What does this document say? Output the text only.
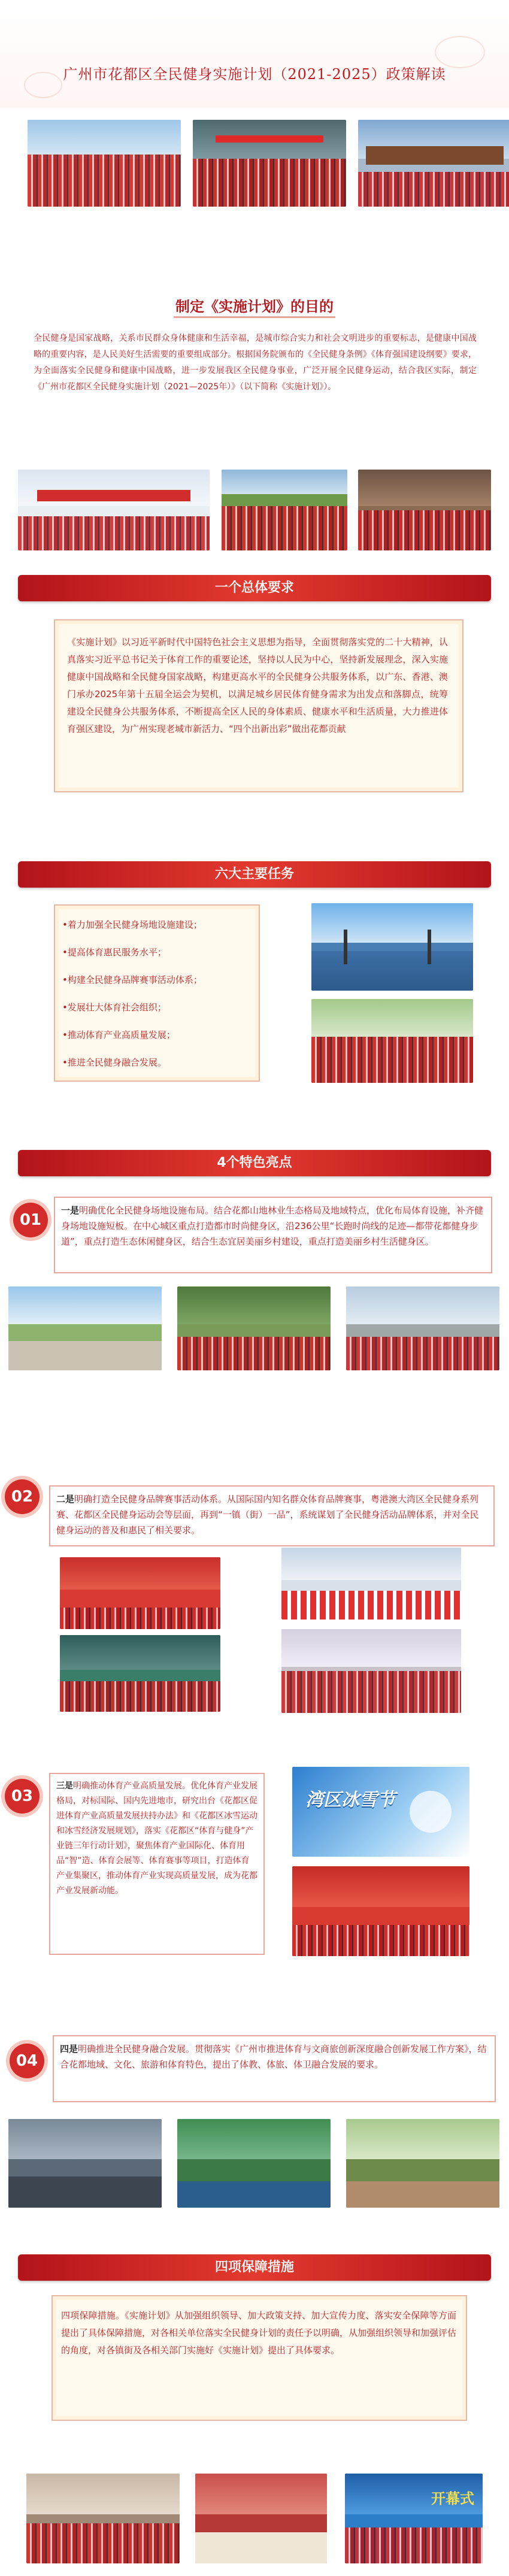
广州市花都区全民健身实施计划（2021-2025）政策解读
制定《实施计划》的目的
全民健身是国家战略，关系市民群众身体健康和生活幸福，是城市综合实力和社会文明进步的重要标志，是健康中国战略的重要内容，是人民美好生活需要的重要组成部分。根据国务院颁布的《全民健身条例》《体育强国建设纲要》要求，为全面落实全民健身和健康中国战略，进一步发展我区全民健身事业，广泛开展全民健身运动，结合我区实际，制定《广州市花都区全民健身实施计划（2021—2025年）》（以下简称《实施计划》）。
一个总体要求
《实施计划》以习近平新时代中国特色社会主义思想为指导，全面贯彻落实党的二十大精神，认真落实习近平总书记关于体育工作的重要论述，坚持以人民为中心，坚持新发展理念，深入实施健康中国战略和全民健身国家战略，构建更高水平的全民健身公共服务体系，以广东、香港、澳门承办2025年第十五届全运会为契机，以满足城乡居民体育健身需求为出发点和落脚点，统筹建设全民健身公共服务体系，不断提高全区人民的身体素质、健康水平和生活质量，大力推进体育强区建设，为广州实现老城市新活力、“四个出新出彩”做出花都贡献
六大主要任务
•着力加强全民健身场地设施建设；
•提高体育惠民服务水平；
•构建全民健身品牌赛事活动体系；
•发展壮大体育社会组织；
•推动体育产业高质量发展；
•推进全民健身融合发展。
4个特色亮点
01
一是明确优化全民健身场地设施布局。结合花都山地林业生态格局及地域特点，优化布局体育设施，补齐健身场地设施短板。在中心城区重点打造都市时尚健身区，沿236公里“长跑时尚线的足迹—都带花都健身步道”，重点打造生态休闲健身区，结合生态宜居美丽乡村建设，重点打造美丽乡村生活健身区。
02	二是明确打造全民健身品牌赛事活动体系。从国际国内知名群众体育品牌赛事，粤港澳大湾区全民健身系列赛、花都区全民健身运动会等层面，再到“一镇（街）一品”，系统谋划了全民健身活动品牌体系，并对全民健身运动的普及和惠民了相关要求。
03
三是明确推动体育产业高质量发展。优化体育产业发展格局，对标国际、国内先进地市，研究出台《花都区促进体育产业高质量发展扶持办法》和《花都区冰雪运动和冰雪经济发展规划》，落实《花都区“体育与健身”产业链三年行动计划》，聚焦体育产业国际化、体育用品“智”造、体育会展等、体育赛事等项目，打造体育产业集聚区，推动体育产业实现高质量发展，成为花都产业发展新动能。
湾区冰雪节
04
四是明确推进全民健身融合发展。贯彻落实《广州市推进体育与文商旅创新深度融合创新发展工作方案》，结合花都地域、文化、旅游和体育特色，提出了体教、体旅、体卫融合发展的要求。
四项保障措施
四项保障措施。《实施计划》从加强组织领导、加大政策支持、加大宣传力度、落实安全保障等方面提出了具体保障措施，对各相关单位落实全民健身计划的责任予以明确，从加强组织领导和加强评估的角度，对各镇街及各相关部门实施好《实施计划》提出了具体要求。
开幕式
